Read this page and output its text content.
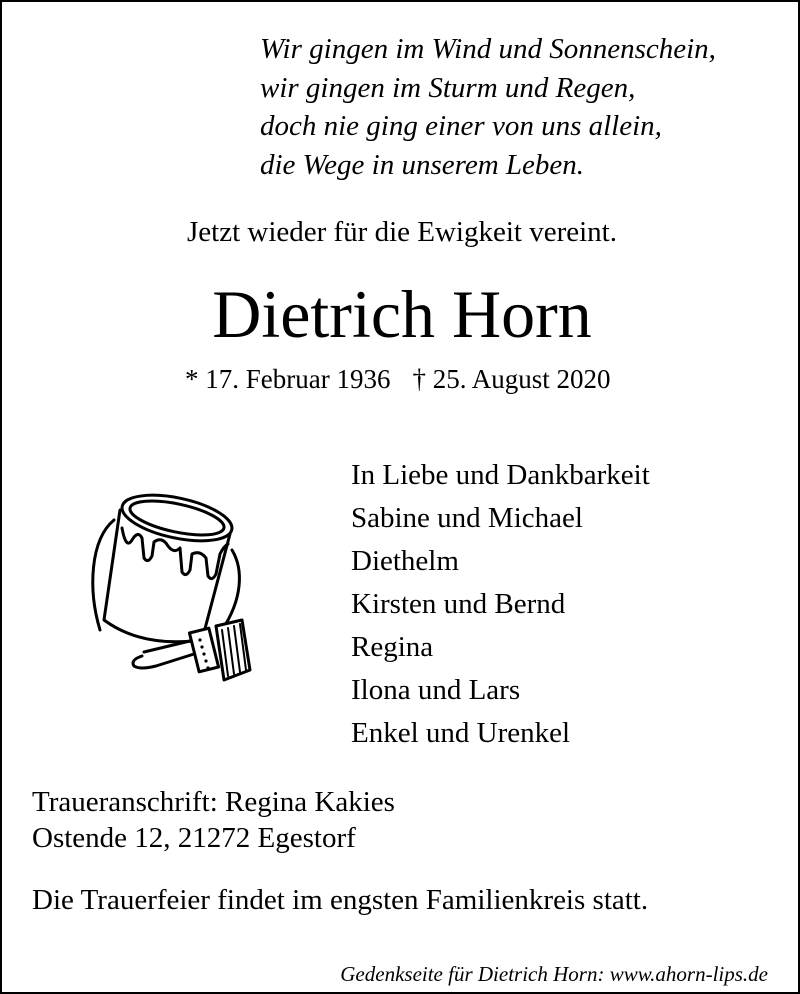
Wir gingen im Wind und Sonnenschein,
wir gingen im Sturm und Regen,
doch nie ging einer von uns allein,
die Wege in unserem Leben.

Jetzt wieder für die Ewigkeit vereint.

Dietrich Horn
* 17. Februar 1936 † 25. August 2020
In Liebe und Dankbarkeit
Sabine und Michael
Diethelm
Kirsten und Bernd
Regina
Ilona und Lars
Enkel und Urenkel
Traueranschrift: Regina Kakies
Ostende 12, 21272 Egestorf
Die Trauerfeier findet im engsten Familienkreis statt.
Gedenkseite für Dietrich Horn: www.ahorn-lips.de
